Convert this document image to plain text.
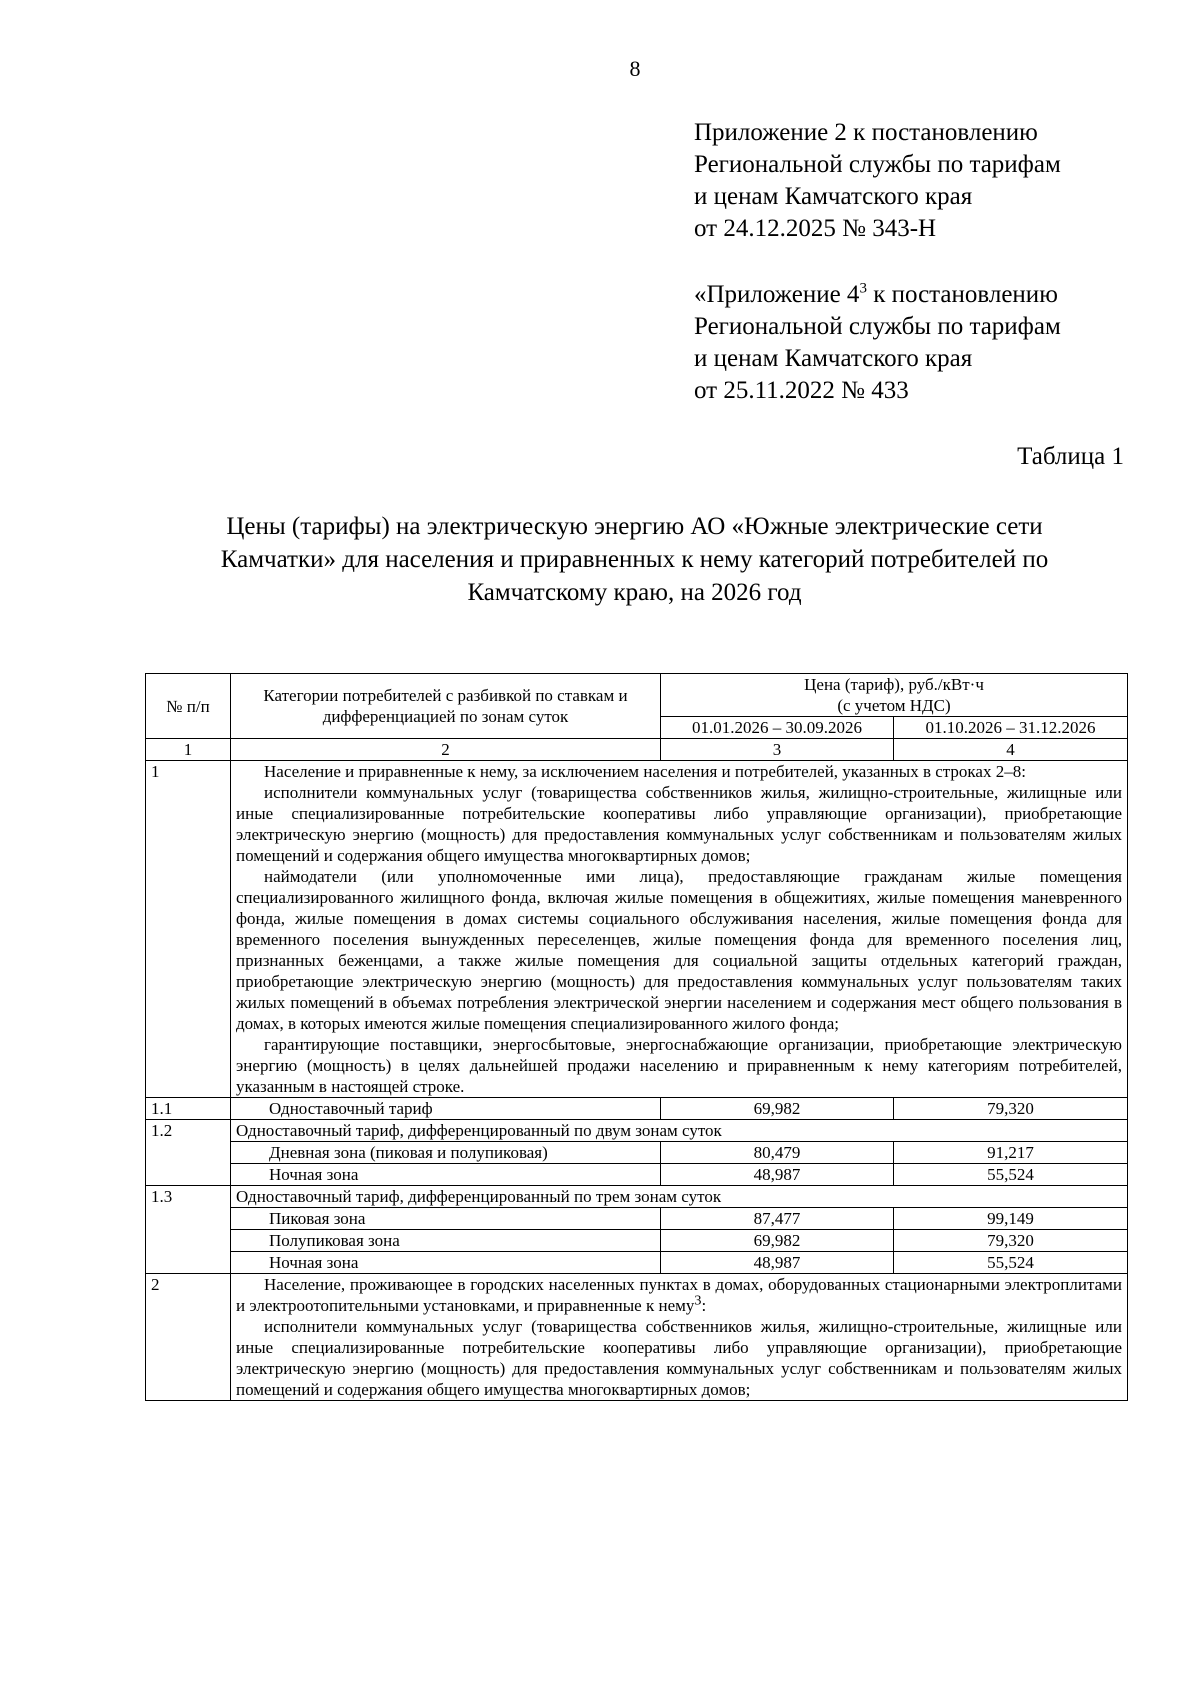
8
Приложение 2 к постановлению
Региональной службы по тарифам
и ценам Камчатского края
от 24.12.2025 № 343-Н
«Приложение $4^3$ к постановлению
Региональной службы по тарифам
и ценам Камчатского края
от 25.11.2022 № 433
Таблица 1
Цены (тарифы) на электрическую энергию АО «Южные электрические сети
Камчатки» для населения и приравненных к нему категорий потребителей по
Камчатскому краю, на 2026 год
№ п/п	Категории потребителей с разбивкой по ставкам и дифференциацией по зонам суток	Цена (тариф), руб./кВт·ч
(с учетом НДС)	

		01.01.2026 – 30.09.2026	01.10.2026 – 31.12.2026
1	2	3	4
1	Население и приравненные к нему, за исключением населения и потребителей, указанных в строках 2–8:

исполнители коммунальных услуг (товарищества собственников жилья, жилищно-строительные, жилищные или иные специализированные потребительские кооперативы либо управляющие организации), приобретающие электрическую энергию (мощность) для предоставления коммунальных услуг собственникам и пользователям жилых помещений и содержания общего имущества многоквартирных домов;

наймодатели (или уполномоченные ими лица), предоставляющие гражданам жилые помещения специализированного жилищного фонда, включая жилые помещения в общежитиях, жилые помещения маневренного фонда, жилые помещения в домах системы социального обслуживания населения, жилые помещения фонда для временного поселения вынужденных переселенцев, жилые помещения фонда для временного поселения лиц, признанных беженцами, а также жилые помещения для социальной защиты отдельных категорий граждан, приобретающие электрическую энергию (мощность) для предоставления коммунальных услуг пользователям таких жилых помещений в объемах потребления электрической энергии населением и содержания мест общего пользования в домах, в которых имеются жилые помещения специализированного жилого фонда;

гарантирующие поставщики, энергосбытовые, энергоснабжающие организации, приобретающие электрическую энергию (мощность) в целях дальнейшей продажи населению и приравненным к нему категориям потребителей, указанным в настоящей строке.		

1.1	Одноставочный тариф	69,982	79,320
1.2	Одноставочный тариф, дифференцированный по двум зонам суток		
	Дневная зона (пиковая и полупиковая)	80,479	91,217
	Ночная зона	48,987	55,524
1.3	Одноставочный тариф, дифференцированный по трем зонам суток		
	Пиковая зона	87,477	99,149
	Полупиковая зона	69,982	79,320
	Ночная зона	48,987	55,524
2	Население, проживающее в городских населенных пунктах в домах, оборудованных стационарными электроплитами и электроотопительными установками, и приравненные к нему$^3$:

исполнители коммунальных услуг (товарищества собственников жилья, жилищно-строительные, жилищные или иные специализированные потребительские кооперативы либо управляющие организации), приобретающие электрическую энергию (мощность) для предоставления коммунальных услуг собственникам и пользователям жилых помещений и содержания общего имущества многоквартирных домов;		
